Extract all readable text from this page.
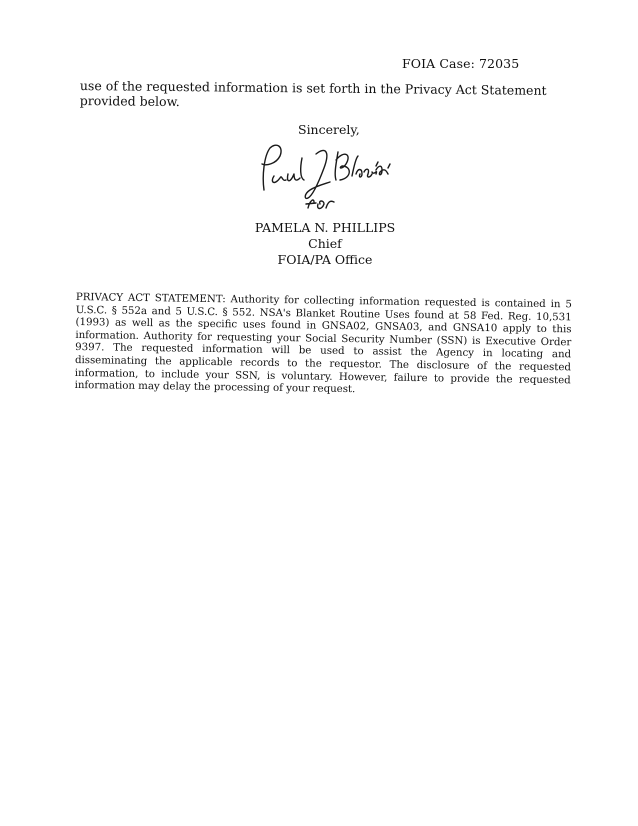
FOIA Case: 72035
use of the requested information is set forth in the Privacy Act Statement provided below.
Sincerely,
PAMELA N. PHILLIPS
Chief
FOIA/PA Office
PRIVACY ACT STATEMENT: Authority for collecting information requested is contained in 5 U.S.C. § 552a and 5 U.S.C. § 552. NSA's Blanket Routine Uses found at 58 Fed. Reg. 10,531 (1993) as well as the specific uses found in GNSA02, GNSA03, and GNSA10 apply to this information. Authority for requesting your Social Security Number (SSN) is Executive Order 9397. The requested information will be used to assist the Agency in locating and disseminating the applicable records to the requestor. The disclosure of the requested information, to include your SSN, is voluntary. However, failure to provide the requested information may delay the processing of your request.
